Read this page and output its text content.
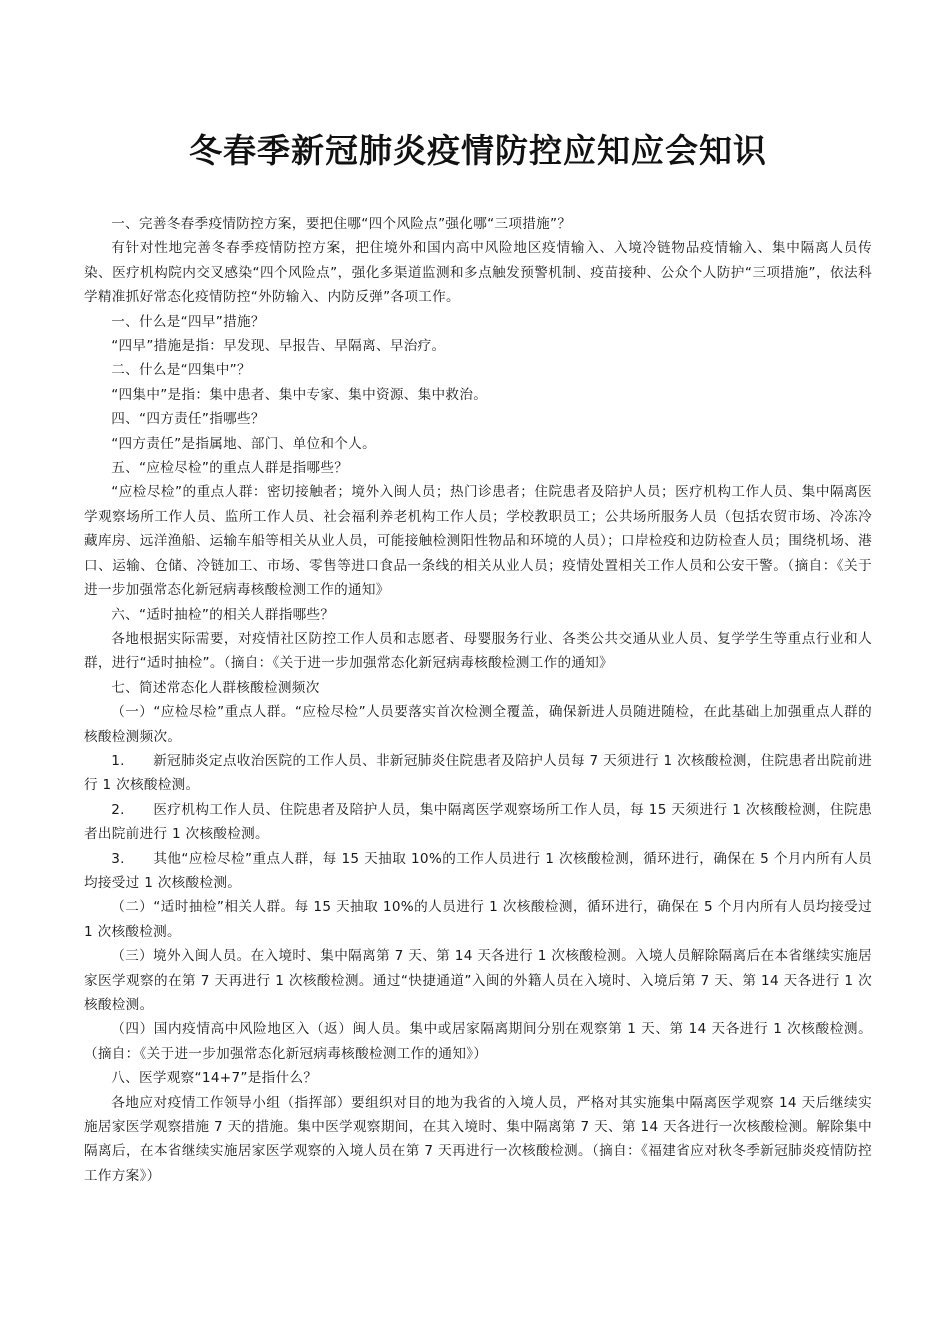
冬春季新冠肺炎疫情防控应知应会知识

一、完善冬春季疫情防控方案，要把住哪“四个风险点”强化哪“三项措施”？

有针对性地完善冬春季疫情防控方案，把住境外和国内高中风险地区疫情输入、入境冷链物品疫情输入、集中隔离人员传染、医疗机构院内交叉感染“四个风险点”，强化多渠道监测和多点触发预警机制、疫苗接种、公众个人防护“三项措施”，依法科学精准抓好常态化疫情防控“外防输入、内防反弹”各项工作。

一、什么是“四早”措施？

“四早”措施是指：早发现、早报告、早隔离、早治疗。

二、什么是“四集中”？

“四集中”是指：集中患者、集中专家、集中资源、集中救治。

四、“四方责任”指哪些？

“四方责任”是指属地、部门、单位和个人。

五、“应检尽检”的重点人群是指哪些？

“应检尽检”的重点人群：密切接触者；境外入闽人员；热门诊患者；住院患者及陪护人员；医疗机构工作人员、集中隔离医学观察场所工作人员、监所工作人员、社会福利养老机构工作人员；学校教职员工；公共场所服务人员（包括农贸市场、冷冻冷藏库房、远洋渔船、运输车船等相关从业人员，可能接触检测阳性物品和环境的人员）；口岸检疫和边防检查人员；围绕机场、港口、运输、仓储、冷链加工、市场、零售等进口食品一条线的相关从业人员；疫情处置相关工作人员和公安干警。（摘自：《关于进一步加强常态化新冠病毒核酸检测工作的通知》

六、“适时抽检”的相关人群指哪些？

各地根据实际需要，对疫情社区防控工作人员和志愿者、母婴服务行业、各类公共交通从业人员、复学学生等重点行业和人群，进行“适时抽检”。（摘自：《关于进一步加强常态化新冠病毒核酸检测工作的通知》

七、简述常态化人群核酸检测频次

（一）“应检尽检”重点人群。“应检尽检”人员要落实首次检测全覆盖，确保新进人员随进随检，在此基础上加强重点人群的核酸检测频次。

1. 新冠肺炎定点收治医院的工作人员、非新冠肺炎住院患者及陪护人员每 7 天须进行 1 次核酸检测，住院患者出院前进行 1 次核酸检测。

2. 医疗机构工作人员、住院患者及陪护人员，集中隔离医学观察场所工作人员，每 15 天须进行 1 次核酸检测，住院患者出院前进行 1 次核酸检测。

3. 其他“应检尽检”重点人群，每 15 天抽取 10%的工作人员进行 1 次核酸检测，循环进行，确保在 5 个月内所有人员均接受过 1 次核酸检测。

（二）“适时抽检”相关人群。每 15 天抽取 10%的人员进行 1 次核酸检测，循环进行，确保在 5 个月内所有人员均接受过 1 次核酸检测。

（三）境外入闽人员。在入境时、集中隔离第 7 天、第 14 天各进行 1 次核酸检测。入境人员解除隔离后在本省继续实施居家医学观察的在第 7 天再进行 1 次核酸检测。通过“快捷通道”入闽的外籍人员在入境时、入境后第 7 天、第 14 天各进行 1 次核酸检测。

（四）国内疫情高中风险地区入（返）闽人员。集中或居家隔离期间分别在观察第 1 天、第 14 天各进行 1 次核酸检测。（摘自：《关于进一步加强常态化新冠病毒核酸检测工作的通知》）

八、医学观察“14+7”是指什么？

各地应对疫情工作领导小组（指挥部）要组织对目的地为我省的入境人员，严格对其实施集中隔离医学观察 14 天后继续实施居家医学观察措施 7 天的措施。集中医学观察期间，在其入境时、集中隔离第 7 天、第 14 天各进行一次核酸检测。解除集中隔离后，在本省继续实施居家医学观察的入境人员在第 7 天再进行一次核酸检测。（摘自：《福建省应对秋冬季新冠肺炎疫情防控工作方案》）
